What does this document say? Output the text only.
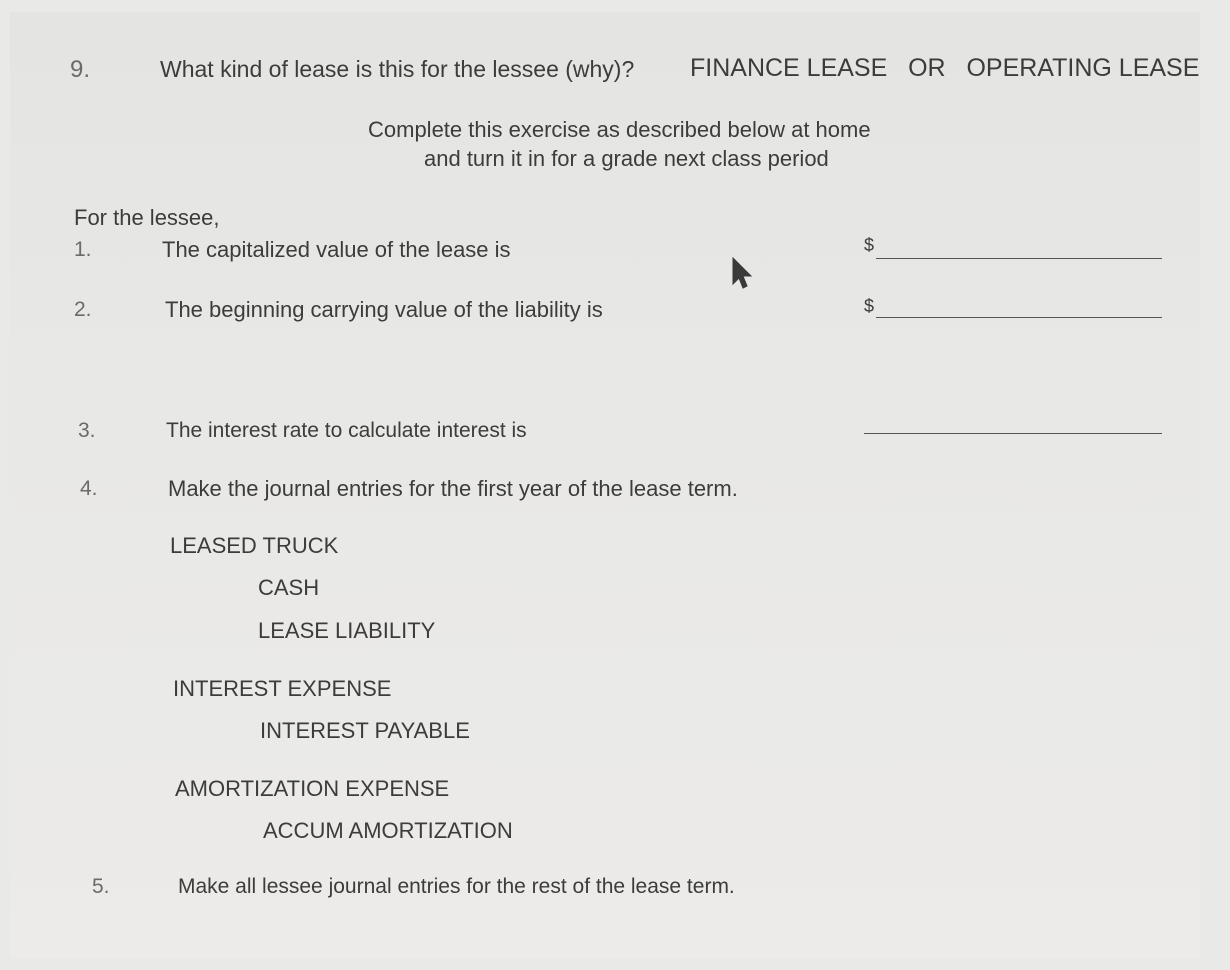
9.	What kind of lease is this for the lessee (why)? FINANCE LEASE   OR   OPERATING LEASE
Complete this exercise as described below at home
and turn it in for a grade next class period
For the lessee,
1.	The capitalized value of the lease is	$
2.	The beginning carrying value of the liability is	$
3.	The interest rate to calculate interest is
4.	Make the journal entries for the first year of the lease term.
LEASED TRUCK
CASH
LEASE LIABILITY
INTEREST EXPENSE
INTEREST PAYABLE
AMORTIZATION EXPENSE
ACCUM AMORTIZATION
5.	Make all lessee journal entries for the rest of the lease term.
